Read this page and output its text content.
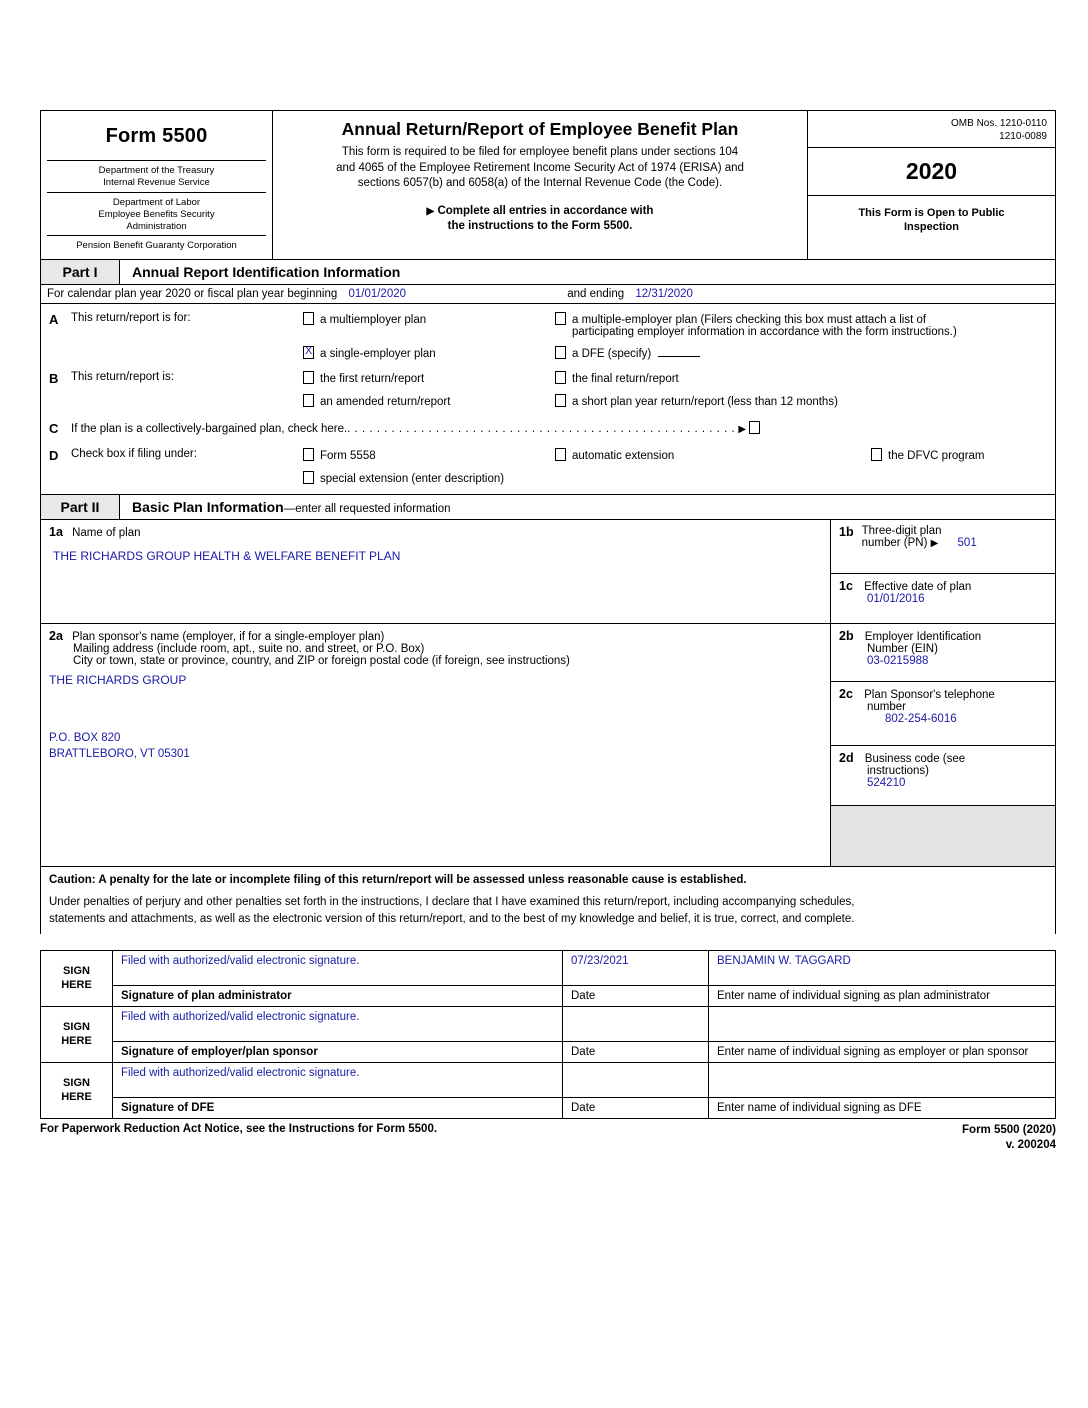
Form 5500
Department of the Treasury
Internal Revenue Service
Department of Labor
Employee Benefits Security
Administration
Pension Benefit Guaranty Corporation
Annual Return/Report of Employee Benefit Plan
This form is required to be filed for employee benefit plans under sections 104
and 4065 of the Employee Retirement Income Security Act of 1974 (ERISA) and
sections 6057(b) and 6058(a) of the Internal Revenue Code (the Code).
▶ Complete all entries in accordance with
the instructions to the Form 5500.
OMB Nos. 1210-0110
1210-0089
2020
This Form is Open to Public
Inspection
Part I	Annual Report Identification Information
For calendar plan year 2020 or fiscal plan year beginning 01/01/2020	and ending 12/31/2020
A	This return/report is for:	a multiemployer plan	a multiple-employer plan (Filers checking this box must attach a list of
participating employer information in accordance with the form instructions.)

Xa single-employer plan	a DFE (specify)
B	This return/report is:	the first return/report	the final return/report

an amended return/report	a short plan year return/report (less than 12 months)
C	If the plan is a collectively-bargained plan, check here.. . . . . . . . . . . . . . . . . . . . . . . . . . . . . . . . . . . . . . . . . . . . . . . . . . . . . ▶
D	Check box if filing under:	Form 5558	automatic extension	the DFVC program

special extension (enter description)
Part II	Basic Plan Information—enter all requested information
1a Name of plan
THE RICHARDS GROUP HEALTH & WELFARE BENEFIT PLAN
2a Plan sponsor's name (employer, if for a single-employer plan)
Mailing address (include room, apt., suite no. and street, or P.O. Box)
City or town, state or province, country, and ZIP or foreign postal code (if foreign, see instructions)
THE RICHARDS GROUP
P.O. BOX 820
BRATTLEBORO, VT 05301
1b Three-digit plan
number (PN) ▶ 501
1c Effective date of plan
01/01/2016
2b Employer Identification
Number (EIN)
03-0215988
2c Plan Sponsor's telephone
number
802-254-6016
2d Business code (see
instructions)
524210
Caution: A penalty for the late or incomplete filing of this return/report will be assessed unless reasonable cause is established.
Under penalties of perjury and other penalties set forth in the instructions, I declare that I have examined this return/report, including accompanying schedules,
statements and attachments, as well as the electronic version of this return/report, and to the best of my knowledge and belief, it is true, correct, and complete.
SIGN
HERE
Filed with authorized/valid electronic signature.	07/23/2021	BENJAMIN W. TAGGARD
Signature of plan administrator	Date	Enter name of individual signing as plan administrator
SIGN
HERE
Filed with authorized/valid electronic signature.
Signature of employer/plan sponsor	Date	Enter name of individual signing as employer or plan sponsor
SIGN
HERE
Filed with authorized/valid electronic signature.
Signature of DFE	Date	Enter name of individual signing as DFE
For Paperwork Reduction Act Notice, see the Instructions for Form 5500.	Form 5500 (2020)
v. 200204
